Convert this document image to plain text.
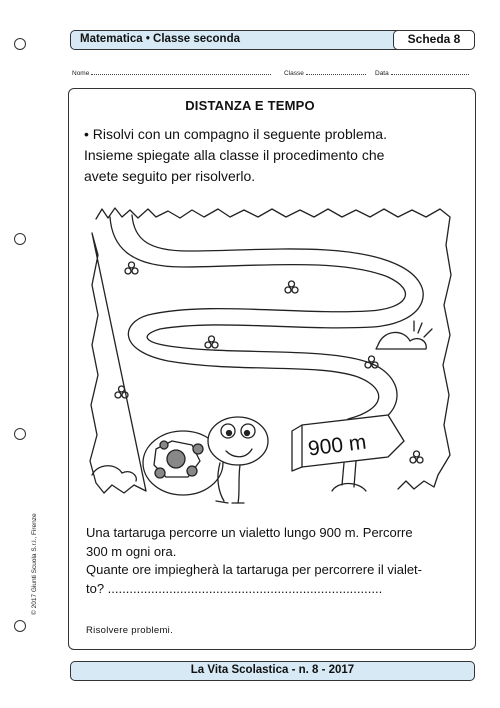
Matematica • Classe seconda	Scheda 8
Nome	Classe	Data
DISTANZA E TEMPO
• Risolvi con un compagno il seguente problema.
Insieme spiegate alla classe il procedimento che
avete seguito per risolverlo.
900 m
Una tartaruga percorre un vialetto lungo 900 m. Percorre
300 m ogni ora.
Quante ore impiegherà la tartaruga per percorrere il vialet-
to? ............................................................................
Risolvere problemi.
© 2017 Giunti Scuola S.r.l., Firenze
La Vita Scolastica - n. 8 - 2017
